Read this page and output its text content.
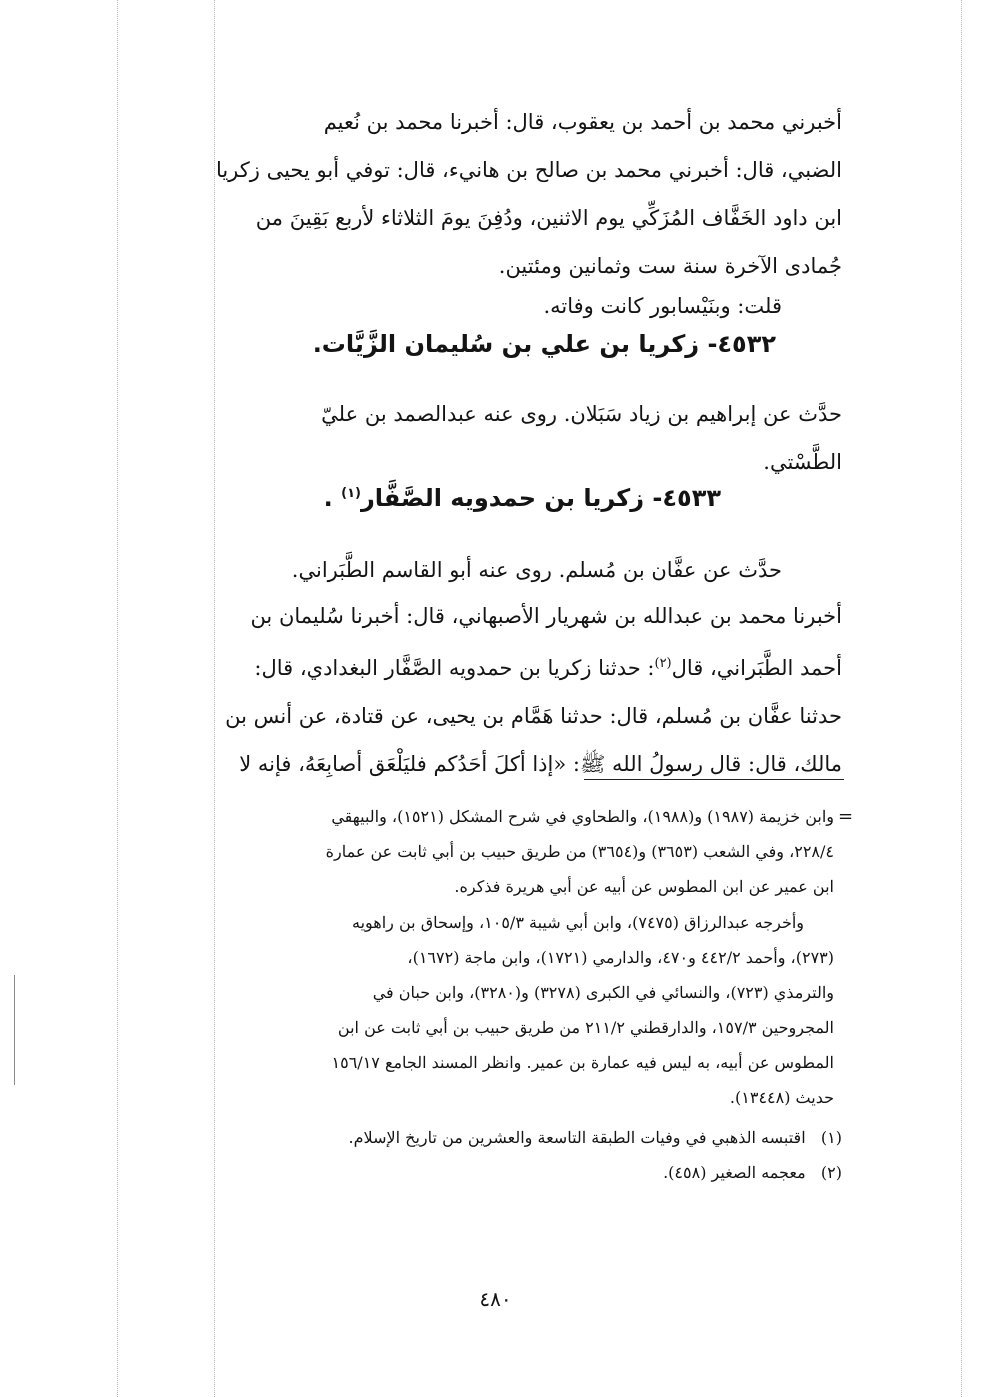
أخبرني محمد بن أحمد بن يعقوب، قال: أخبرنا محمد بن نُعيم
الضبي، قال: أخبرني محمد بن صالح بن هانيء، قال: توفي أبو يحيى زكريا
ابن داود الخَفَّاف المُزَكِّي يوم الاثنين، ودُفِنَ يومَ الثلاثاء لأربع بَقِينَ من
جُمادى الآخرة سنة ست وثمانين ومئتين.
قلت: وبنَيْسابور كانت وفاته.
٤٥٣٢- زكريا بن علي بن سُليمان الزَّيَّات.
حدَّث عن إبراهيم بن زياد سَبَلان. روى عنه عبدالصمد بن عليّ
الطَّسْتي.
٤٥٣٣- زكريا بن حمدويه الصَّفَّار$^{(١)}$ .
حدَّث عن عفَّان بن مُسلم. روى عنه أبو القاسم الطَّبَراني.
أخبرنا محمد بن عبدالله بن شهريار الأصبهاني، قال: أخبرنا سُليمان بن
أحمد الطَّبَراني، قال$^{(٢)}$: حدثنا زكريا بن حمدويه الصَّفَّار البغدادي، قال:
حدثنا عفَّان بن مُسلم، قال: حدثنا هَمَّام بن يحيى، عن قتادة، عن أنس بن
مالك، قال: قال رسولُ الله ﷺ: «إذا أكلَ أحَدُكم فليَلْعَق أصابِعَهُ، فإنه لا
=
وابن خزيمة (١٩٨٧) و(١٩٨٨)، والطحاوي في شرح المشكل (١٥٢١)، والبيهقي
٢٢٨/٤، وفي الشعب (٣٦٥٣) و(٣٦٥٤) من طريق حبيب بن أبي ثابت عن عمارة
ابن عمير عن ابن المطوس عن أبيه عن أبي هريرة فذكره.
وأخرجه عبدالرزاق (٧٤٧٥)، وابن أبي شيبة ١٠٥/٣، وإسحاق بن راهويه
(٢٧٣)، وأحمد ٤٤٢/٢ و٤٧٠، والدارمي (١٧٢١)، وابن ماجة (١٦٧٢)،
والترمذي (٧٢٣)، والنسائي في الكبرى (٣٢٧٨) و(٣٢٨٠)، وابن حبان في
المجروحين ١٥٧/٣، والدارقطني ٢١١/٢ من طريق حبيب بن أبي ثابت عن ابن
المطوس عن أبيه، به ليس فيه عمارة بن عمير. وانظر المسند الجامع ١٥٦/١٧
حديث (١٣٤٤٨).
(١)   اقتبسه الذهبي في وفيات الطبقة التاسعة والعشرين من تاريخ الإسلام.
(٢)   معجمه الصغير (٤٥٨).
٤٨٠
